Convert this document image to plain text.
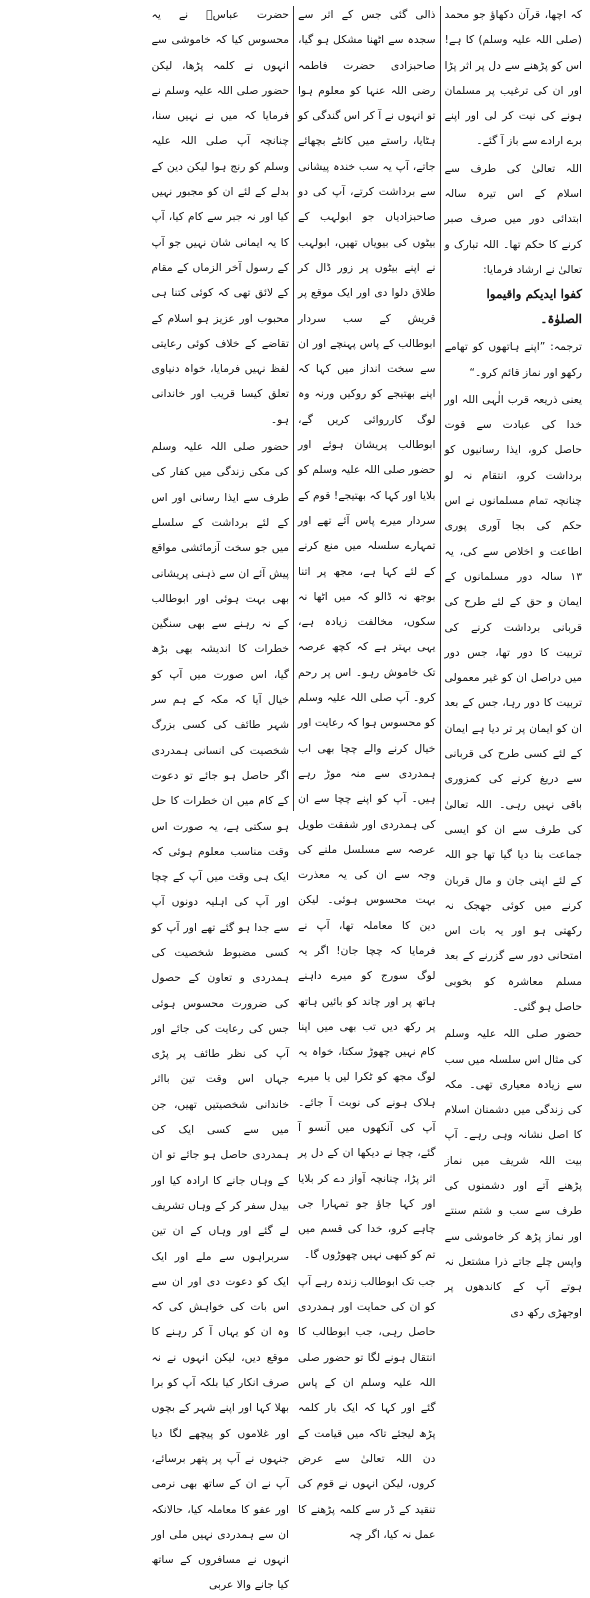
کہ اچھا، قرآن دکھاؤ جو محمد (صلی اللہ علیہ وسلم) کا ہے! اس کو پڑھنے سے دل پر اثر پڑا اور ان کی ترغیب پر مسلمان ہونے کی نیت کر لی اور اپنے برے ارادے سے باز آ گئے۔

اللہ تعالیٰ کی طرف سے اسلام کے اس تیرہ سالہ ابتدائی دور میں صرف صبر کرنے کا حکم تھا۔ اللہ تبارک و تعالیٰ نے ارشاد فرمایا:

کفوا ایدیکم واقیموا

الصلوٰۃ۔

ترجمہ: ”اپنے ہاتھوں کو تھامے رکھو اور نماز قائم کرو۔“

یعنی ذریعہ قرب الٰہی اللہ اور خدا کی عبادت سے قوت حاصل کرو، ایذا رسانیوں کو برداشت کرو، انتقام نہ لو چنانچہ تمام مسلمانوں نے اس حکم کی بجا آوری پوری اطاعت و اخلاص سے کی، یہ ۱۳ سالہ دور مسلمانوں کے ایمان و حق کے لئے طرح کی قربانی برداشت کرنے کی تربیت کا دور تھا، جس دور میں دراصل ان کو غیر معمولی تربیت کا دور رہا، جس کے بعد ان کو ایمان پر تر دیا ہے ایمان کے لئے کسی طرح کی قربانی سے دریغ کرنے کی کمزوری باقی نہیں رہی۔ اللہ تعالیٰ کی طرف سے ان کو ایسی جماعت بنا دیا گیا تھا جو اللہ کے لئے اپنی جان و مال قربان کرنے میں کوئی جھجک نہ رکھتی ہو اور یہ بات اس امتحانی دور سے گزرنے کے بعد مسلم معاشرہ کو بخوبی حاصل ہو گئی۔

حضور صلی اللہ علیہ وسلم کی مثال اس سلسلہ میں سب سے زیادہ معیاری تھی۔ مکہ کی زندگی میں دشمنان اسلام کا اصل نشانہ وہی رہے۔ آپ بیت اللہ شریف میں نماز پڑھنے آتے اور دشمنوں کی طرف سے سب و شتم سنتے اور نماز پڑھ کر خاموشی سے واپس چلے جاتے ذرا مشتعل نہ ہوتے آپ کے کاندھوں پر اوجھڑی رکھ دی

ذالی گئی جس کے اثر سے سجدہ سے اٹھنا مشکل ہو گیا، صاحبزادی حضرت فاطمہ رضی اللہ عنہا کو معلوم ہوا تو انہوں نے آ کر اس گندگی کو ہٹایا، راستے میں کانٹے بچھائے جاتے، آپ یہ سب خندہ پیشانی سے برداشت کرتے، آپ کی دو صاحبزادیاں جو ابولہب کے بیٹوں کی بیویاں تھیں، ابولہب نے اپنے بیٹوں پر زور ڈال کر طلاق دلوا دی اور ایک موقع پر قریش کے سب سردار ابوطالب کے پاس پہنچے اور ان سے سخت انداز میں کہا کہ اپنے بھتیجے کو روکیں ورنہ وہ لوگ کارروائی کریں گے، ابوطالب پریشان ہوئے اور حضور صلی اللہ علیہ وسلم کو بلایا اور کہا کہ بھتیجے! قوم کے سردار میرے پاس آئے تھے اور تمہارے سلسلہ میں منع کرنے کے لئے کہا ہے، مجھ پر اتنا بوجھ نہ ڈالو کہ میں اٹھا نہ سکوں، مخالفت زیادہ ہے، یہی بہتر ہے کہ کچھ عرصہ تک خاموش رہو۔ اس پر رحم کرو۔ آپ صلی اللہ علیہ وسلم کو محسوس ہوا کہ رعایت اور خیال کرنے والے چچا بھی اب ہمدردی سے منہ موڑ رہے ہیں۔ آپ کو اپنے چچا سے ان کی ہمدردی اور شفقت طویل عرصہ سے مسلسل ملنے کی وجہ سے ان کی یہ معذرت بہت محسوس ہوئی۔ لیکن دین کا معاملہ تھا، آپ نے فرمایا کہ چچا جان! اگر یہ لوگ سورج کو میرے داہنے ہاتھ پر اور چاند کو بائیں ہاتھ پر رکھ دیں تب بھی میں اپنا کام نہیں چھوڑ سکتا، خواہ یہ لوگ مجھ کو ٹکرا لیں یا میرے ہلاک ہونے کی نوبت آ جائے۔ آپ کی آنکھوں میں آنسو آ گئے، چچا نے دیکھا ان کے دل پر اثر پڑا، چنانچہ آواز دے کر بلایا اور کہا جاؤ جو تمہارا جی چاہے کرو، خدا کی قسم میں تم کو کبھی نہیں چھوڑوں گا۔

جب تک ابوطالب زندہ رہے آپ کو ان کی حمایت اور ہمدردی حاصل رہی، جب ابوطالب کا انتقال ہونے لگا تو حضور صلی اللہ علیہ وسلم ان کے پاس گئے اور کہا کہ ایک بار کلمہ پڑھ لیجئے تاکہ میں قیامت کے دن اللہ تعالیٰ سے عرض کروں، لیکن انہوں نے قوم کی تنقید کے ڈر سے کلمہ پڑھنے کا عمل نہ کیا، اگر چہ

حضرت عباسؓ نے یہ محسوس کیا کہ خاموشی سے انہوں نے کلمہ پڑھا، لیکن حضور صلی اللہ علیہ وسلم نے فرمایا کہ میں نے نہیں سنا، چنانچہ آپ صلی اللہ علیہ وسلم کو رنج ہوا لیکن دین کے بدلے کے لئے ان کو مجبور نہیں کیا اور نہ جبر سے کام کیا، آپ کا یہ ایمانی شان نہیں جو آپ کے رسول آخر الزماں کے مقام کے لائق تھی کہ کوئی کتنا ہی محبوب اور عزیز ہو اسلام کے تقاضے کے خلاف کوئی رعایتی لفظ نہیں فرمایا، خواہ دنیاوی تعلق کیسا قریب اور خاندانی ہو۔

حضور صلی اللہ علیہ وسلم کی مکی زندگی میں کفار کی طرف سے ایذا رسانی اور اس کے لئے برداشت کے سلسلے میں جو سخت آزمائشی مواقع پیش آئے ان سے ذہنی پریشانی بھی بہت ہوئی اور ابوطالب کے نہ رہنے سے بھی سنگین خطرات کا اندیشہ بھی بڑھ گیا، اس صورت میں آپ کو خیال آیا کہ مکہ کے ہم سر شہر طائف کی کسی بزرگ شخصیت کی انسانی ہمدردی اگر حاصل ہو جائے تو دعوت کے کام میں ان خطرات کا حل ہو سکتی ہے، یہ صورت اس وقت مناسب معلوم ہوئی کہ ایک ہی وقت میں آپ کے چچا اور آپ کی اہلیہ دونوں آپ سے جدا ہو گئے تھے اور آپ کو کسی مضبوط شخصیت کی ہمدردی و تعاون کے حصول کی ضرورت محسوس ہوئی جس کی رعایت کی جائے اور آپ کی نظر طائف پر پڑی جہاں اس وقت تین بااثر خاندانی شخصیتیں تھیں، جن میں سے کسی ایک کی ہمدردی حاصل ہو جائے تو ان کے وہاں جانے کا ارادہ کیا اور بیدل سفر کر کے وہاں تشریف لے گئے اور وہاں کے ان تین سربراہوں سے ملے اور ایک ایک کو دعوت دی اور ان سے اس بات کی خواہش کی کہ وہ ان کو یہاں آ کر رہنے کا موقع دیں، لیکن انہوں نے نہ صرف انکار کیا بلکہ آپ کو برا بھلا کہا اور اپنے شہر کے بچوں اور غلاموں کو پیچھے لگا دیا جنہوں نے آپ پر پتھر برسائے، آپ نے ان کے ساتھ بھی نرمی اور عفو کا معاملہ کیا، حالانکہ ان سے ہمدردی نہیں ملی اور انہوں نے مسافروں کے ساتھ کیا جانے والا عربی
